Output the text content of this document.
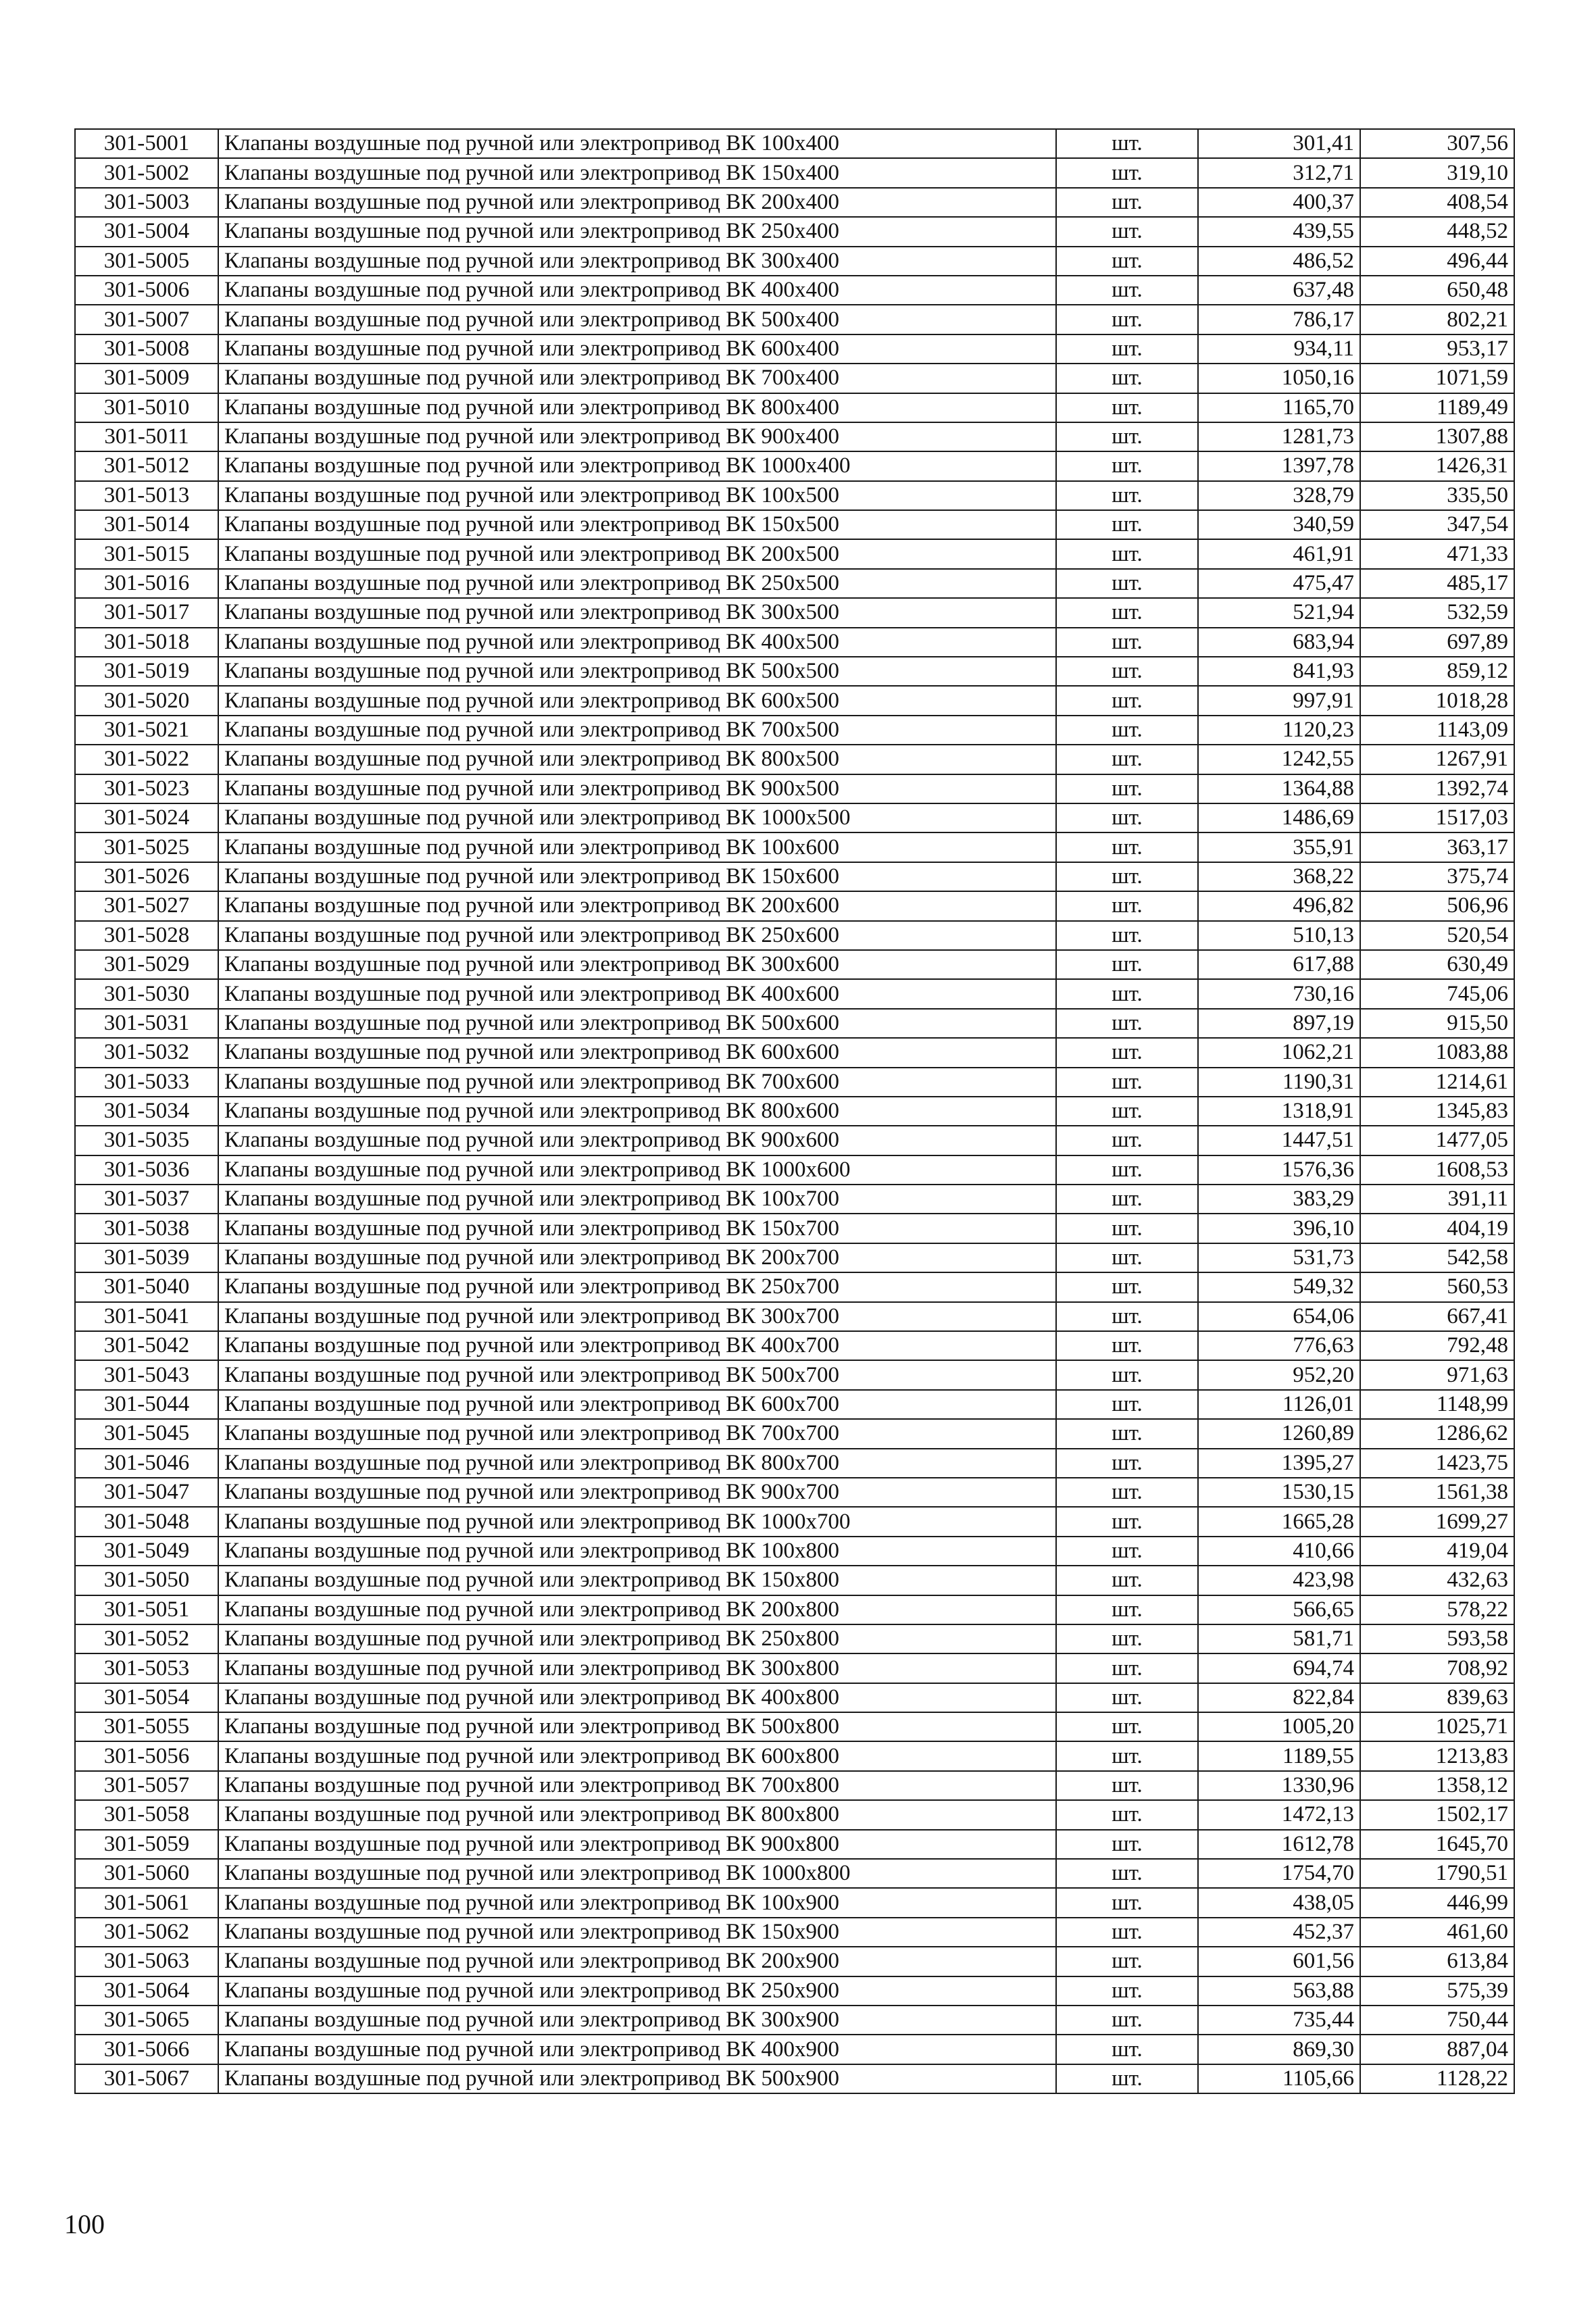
301-5001	Клапаны воздушные под ручной или электропривод ВК 100х400	шт.	301,41	307,56
301-5002	Клапаны воздушные под ручной или электропривод ВК 150х400	шт.	312,71	319,10
301-5003	Клапаны воздушные под ручной или электропривод ВК 200х400	шт.	400,37	408,54
301-5004	Клапаны воздушные под ручной или электропривод ВК 250х400	шт.	439,55	448,52
301-5005	Клапаны воздушные под ручной или электропривод ВК 300х400	шт.	486,52	496,44
301-5006	Клапаны воздушные под ручной или электропривод ВК 400х400	шт.	637,48	650,48
301-5007	Клапаны воздушные под ручной или электропривод ВК 500х400	шт.	786,17	802,21
301-5008	Клапаны воздушные под ручной или электропривод ВК 600х400	шт.	934,11	953,17
301-5009	Клапаны воздушные под ручной или электропривод ВК 700х400	шт.	1050,16	1071,59
301-5010	Клапаны воздушные под ручной или электропривод ВК 800х400	шт.	1165,70	1189,49
301-5011	Клапаны воздушные под ручной или электропривод ВК 900х400	шт.	1281,73	1307,88
301-5012	Клапаны воздушные под ручной или электропривод ВК 1000х400	шт.	1397,78	1426,31
301-5013	Клапаны воздушные под ручной или электропривод ВК 100х500	шт.	328,79	335,50
301-5014	Клапаны воздушные под ручной или электропривод ВК 150х500	шт.	340,59	347,54
301-5015	Клапаны воздушные под ручной или электропривод ВК 200х500	шт.	461,91	471,33
301-5016	Клапаны воздушные под ручной или электропривод ВК 250х500	шт.	475,47	485,17
301-5017	Клапаны воздушные под ручной или электропривод ВК 300х500	шт.	521,94	532,59
301-5018	Клапаны воздушные под ручной или электропривод ВК 400х500	шт.	683,94	697,89
301-5019	Клапаны воздушные под ручной или электропривод ВК 500х500	шт.	841,93	859,12
301-5020	Клапаны воздушные под ручной или электропривод ВК 600х500	шт.	997,91	1018,28
301-5021	Клапаны воздушные под ручной или электропривод ВК 700х500	шт.	1120,23	1143,09
301-5022	Клапаны воздушные под ручной или электропривод ВК 800х500	шт.	1242,55	1267,91
301-5023	Клапаны воздушные под ручной или электропривод ВК 900х500	шт.	1364,88	1392,74
301-5024	Клапаны воздушные под ручной или электропривод ВК 1000х500	шт.	1486,69	1517,03
301-5025	Клапаны воздушные под ручной или электропривод ВК 100х600	шт.	355,91	363,17
301-5026	Клапаны воздушные под ручной или электропривод ВК 150х600	шт.	368,22	375,74
301-5027	Клапаны воздушные под ручной или электропривод ВК 200х600	шт.	496,82	506,96
301-5028	Клапаны воздушные под ручной или электропривод ВК 250х600	шт.	510,13	520,54
301-5029	Клапаны воздушные под ручной или электропривод ВК 300х600	шт.	617,88	630,49
301-5030	Клапаны воздушные под ручной или электропривод ВК 400х600	шт.	730,16	745,06
301-5031	Клапаны воздушные под ручной или электропривод ВК 500х600	шт.	897,19	915,50
301-5032	Клапаны воздушные под ручной или электропривод ВК 600х600	шт.	1062,21	1083,88
301-5033	Клапаны воздушные под ручной или электропривод ВК 700х600	шт.	1190,31	1214,61
301-5034	Клапаны воздушные под ручной или электропривод ВК 800х600	шт.	1318,91	1345,83
301-5035	Клапаны воздушные под ручной или электропривод ВК 900х600	шт.	1447,51	1477,05
301-5036	Клапаны воздушные под ручной или электропривод ВК 1000х600	шт.	1576,36	1608,53
301-5037	Клапаны воздушные под ручной или электропривод ВК 100х700	шт.	383,29	391,11
301-5038	Клапаны воздушные под ручной или электропривод ВК 150х700	шт.	396,10	404,19
301-5039	Клапаны воздушные под ручной или электропривод ВК 200х700	шт.	531,73	542,58
301-5040	Клапаны воздушные под ручной или электропривод ВК 250х700	шт.	549,32	560,53
301-5041	Клапаны воздушные под ручной или электропривод ВК 300х700	шт.	654,06	667,41
301-5042	Клапаны воздушные под ручной или электропривод ВК 400х700	шт.	776,63	792,48
301-5043	Клапаны воздушные под ручной или электропривод ВК 500х700	шт.	952,20	971,63
301-5044	Клапаны воздушные под ручной или электропривод ВК 600х700	шт.	1126,01	1148,99
301-5045	Клапаны воздушные под ручной или электропривод ВК 700х700	шт.	1260,89	1286,62
301-5046	Клапаны воздушные под ручной или электропривод ВК 800х700	шт.	1395,27	1423,75
301-5047	Клапаны воздушные под ручной или электропривод ВК 900х700	шт.	1530,15	1561,38
301-5048	Клапаны воздушные под ручной или электропривод ВК 1000х700	шт.	1665,28	1699,27
301-5049	Клапаны воздушные под ручной или электропривод ВК 100х800	шт.	410,66	419,04
301-5050	Клапаны воздушные под ручной или электропривод ВК 150х800	шт.	423,98	432,63
301-5051	Клапаны воздушные под ручной или электропривод ВК 200х800	шт.	566,65	578,22
301-5052	Клапаны воздушные под ручной или электропривод ВК 250х800	шт.	581,71	593,58
301-5053	Клапаны воздушные под ручной или электропривод ВК 300х800	шт.	694,74	708,92
301-5054	Клапаны воздушные под ручной или электропривод ВК 400х800	шт.	822,84	839,63
301-5055	Клапаны воздушные под ручной или электропривод ВК 500х800	шт.	1005,20	1025,71
301-5056	Клапаны воздушные под ручной или электропривод ВК 600х800	шт.	1189,55	1213,83
301-5057	Клапаны воздушные под ручной или электропривод ВК 700х800	шт.	1330,96	1358,12
301-5058	Клапаны воздушные под ручной или электропривод ВК 800х800	шт.	1472,13	1502,17
301-5059	Клапаны воздушные под ручной или электропривод ВК 900х800	шт.	1612,78	1645,70
301-5060	Клапаны воздушные под ручной или электропривод ВК 1000х800	шт.	1754,70	1790,51
301-5061	Клапаны воздушные под ручной или электропривод ВК 100х900	шт.	438,05	446,99
301-5062	Клапаны воздушные под ручной или электропривод ВК 150х900	шт.	452,37	461,60
301-5063	Клапаны воздушные под ручной или электропривод ВК 200х900	шт.	601,56	613,84
301-5064	Клапаны воздушные под ручной или электропривод ВК 250х900	шт.	563,88	575,39
301-5065	Клапаны воздушные под ручной или электропривод ВК 300х900	шт.	735,44	750,44
301-5066	Клапаны воздушные под ручной или электропривод ВК 400х900	шт.	869,30	887,04
301-5067	Клапаны воздушные под ручной или электропривод ВК 500х900	шт.	1105,66	1128,22
100
